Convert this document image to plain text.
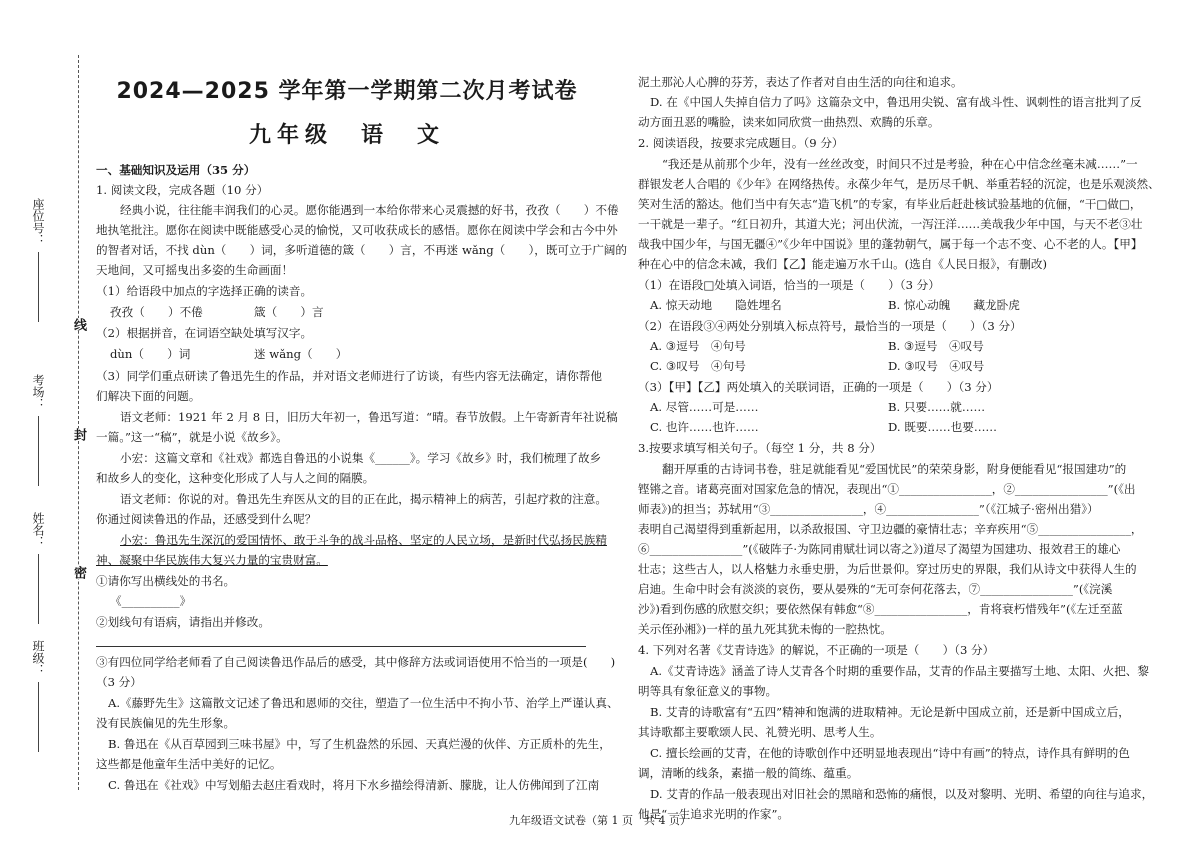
线
封
密
座位号：
考场：
姓名：
班级：
2024—2025 学年第一学期第二次月考试卷
九年级　语　文
一、基础知识及运用（35 分）
1. 阅读文段，完成各题（10 分）
经典小说，往往能丰润我们的心灵。愿你能遇到一本给你带来心灵震撼的好书，孜孜（　　）不倦
地执笔批注。愿你在阅读中既能感受心灵的愉悦，又可收获成长的感悟。愿你在阅读中学会和古今中外
的智者对话，不找 dùn（　　）词，多听道德的箴（　　）言，不再迷 wǎng（　　），既可立于广阔的
天地间，又可摇曳出多姿的生命画面！
（1）给语段中加点的字选择正确的读音。
孜孜（　　）不倦	箴（　　）言
（2）根据拼音，在词语空缺处填写汉字。
dùn（　　）词	迷 wǎng（　　）
（3）同学们重点研读了鲁迅先生的作品，并对语文老师进行了访谈，有些内容无法确定，请你帮他
们解决下面的问题。
语文老师：1921 年 2 月 8 日，旧历大年初一，鲁迅写道：“晴。春节放假。上午寄新青年社说稿
一篇。”这一“稿”，就是小说《故乡》。
小宏：这篇文章和《社戏》都选自鲁迅的小说集《______》。学习《故乡》时，我们梳理了故乡
和故乡人的变化，这种变化形成了人与人之间的隔膜。
语文老师：你说的对。鲁迅先生弃医从文的目的正在此，揭示精神上的病苦，引起疗救的注意。
你通过阅读鲁迅的作品，还感受到什么呢？
小宏：鲁迅先生深沉的爱国情怀、敢于斗争的战斗品格、坚定的人民立场，是新时代弘扬民族精
神、凝聚中华民族伟大复兴力量的宝贵财富。
①请你写出横线处的书名。
《__________》
②划线句有语病，请指出并修改。
③有四位同学给老师看了自己阅读鲁迅作品后的感受，其中修辞方法或词语使用不恰当的一项是(　　)
（3 分）
A.《藤野先生》这篇散文记述了鲁迅和恩师的交往，塑造了一位生活中不拘小节、治学上严谨认真、
没有民族偏见的先生形象。
B. 鲁迅在《从百草园到三味书屋》中，写了生机盎然的乐园、天真烂漫的伙伴、方正质朴的先生，
这些都是他童年生活中美好的记忆。
C. 鲁迅在《社戏》中写划船去赵庄看戏时，将月下水乡描绘得清新、朦胧，让人仿佛闻到了江南
泥土那沁人心脾的芬芳，表达了作者对自由生活的向往和追求。
D. 在《中国人失掉自信力了吗》这篇杂文中，鲁迅用尖锐、富有战斗性、讽刺性的语言批判了反
动方面丑恶的嘴脸，读来如同欣赏一曲热烈、欢腾的乐章。
2. 阅读语段，按要求完成题目。（9 分）
“我还是从前那个少年，没有一丝丝改变，时间只不过是考验，种在心中信念丝毫未减……”一
群银发老人合唱的《少年》在网络热传。永葆少年气，是历尽千帆、举重若轻的沉淀，也是乐观淡然、
笑对生活的豁达。他们当中有矢志“造飞机”的专家，有毕业后赶赴核试验基地的伉俪，“干□做□，
一干就是一辈子。“红日初升，其道大光；河出伏流，一泻汪洋……美哉我少年中国，与天不老③壮
哉我中国少年，与国无疆④”《少年中国说》里的蓬勃朝气，属于每一个志不变、心不老的人。【甲】
种在心中的信念未减，我们【乙】能走遍万水千山。(选自《人民日报》，有删改)
（1）在语段□处填入词语，恰当的一项是（　　）（3 分）
A. 惊天动地　　隐姓埋名	B. 惊心动魄　　藏龙卧虎
（2）在语段③④两处分别填入标点符号，最恰当的一项是（　　）（3 分）
A. ③逗号　④句号	B. ③逗号　④叹号
C. ③叹号　④句号	D. ③叹号　④叹号
（3）【甲】【乙】两处填入的关联词语，正确的一项是（　　）（3 分）
A. 尽管……可是……	B. 只要……就……
C. 也许……也许……	D. 既要……也要……
3.按要求填写相关句子。（每空 1 分，共 8 分）
翻开厚重的古诗词书卷，驻足就能看见“爱国忧民”的荣荣身影，附身便能看见“报国建功”的
铿锵之音。诸葛亮面对国家危急的情况，表现出“①________________，②________________”(《出
师表》)的担当；苏轼用“③________________，④________________”（《江城子·密州出猎》）
表明自己渴望得到重新起用，以杀敌报国、守卫边疆的豪情壮志；辛弃疾用“⑤________________，
⑥________________”(《破阵子·为陈同甫赋壮词以寄之》)道尽了渴望为国建功、报效君王的雄心
壮志；这些古人，以人格魅力永垂史册，为后世景仰。穿过历史的界限，我们从诗文中获得人生的
启迪。生命中时会有淡淡的哀伤，要从晏殊的“无可奈何花落去，⑦________________”(《浣溪
沙》)看到伤感的欣慰交织；要依然保有韩愈“⑧________________，肯将衰朽惜残年”(《左迁至蓝
关示侄孙湘》)一样的虽九死其犹未悔的一腔热忱。
4. 下列对名著《艾青诗选》的解说，不正确的一项是（　　）（3 分）
A.《艾青诗选》涵盖了诗人艾青各个时期的重要作品，艾青的作品主要描写土地、太阳、火把、黎
明等具有象征意义的事物。
B. 艾青的诗歌富有“五四”精神和饱满的进取精神。无论是新中国成立前，还是新中国成立后，
其诗歌都主要歌颂人民、礼赞光明、思考人生。
C. 擅长绘画的艾青，在他的诗歌创作中还明显地表现出“诗中有画”的特点，诗作具有鲜明的色
调，清晰的线条，素描一般的简练、蕴重。
D. 艾青的作品一般表现出对旧社会的黑暗和恐怖的痛恨，以及对黎明、光明、希望的向往与追求，
他是“一生追求光明的作家”。
九年级语文试卷（第 1 页　共 4 页）
